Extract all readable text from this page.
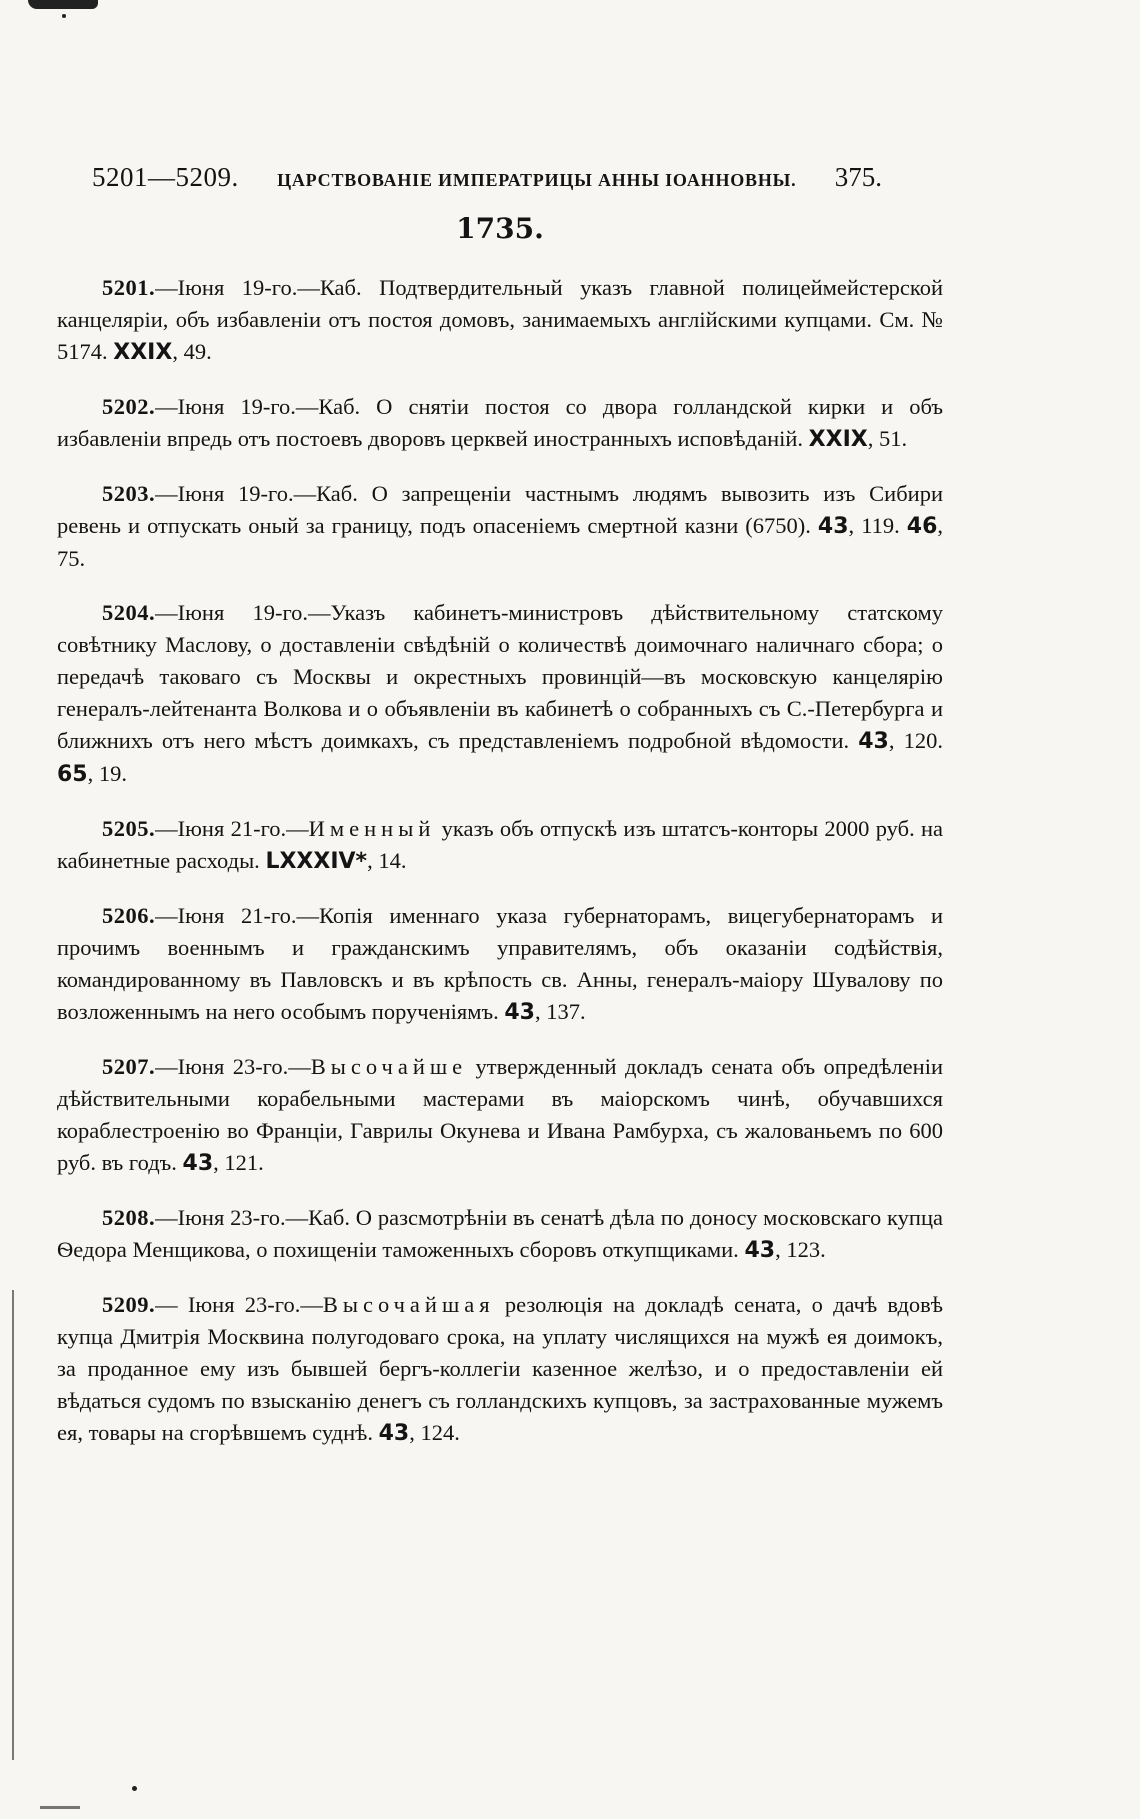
5201—5209. ЦАРСТВОВАНІЕ ИМПЕРАТРИЦЫ АННЫ ІОАННОВНЫ. 375.
1735.

5201.—Іюня 19-го.—Каб. Подтвердительный указъ главной полицеймейстерской канцеляріи, объ избавленіи отъ постоя домовъ, занимаемыхъ англійскими купцами. См. № 5174. XXIX, 49.

5202.—Іюня 19-го.—Каб. О снятіи постоя со двора голландской кирки и объ избавленіи впредь отъ постоевъ дворовъ церквей иностранныхъ исповѣданій. XXIX, 51.

5203.—Іюня 19-го.—Каб. О запрещеніи частнымъ людямъ вывозить изъ Сибири ревень и отпускать оный за границу, подъ опасеніемъ смертной казни (6750). 43, 119. 46, 75.

5204.—Іюня 19-го.—Указъ кабинетъ-министровъ дѣйствительному статскому совѣтнику Маслову, о доставленіи свѣдѣній о количествѣ доимочнаго наличнаго сбора; о передачѣ таковаго съ Москвы и окрестныхъ провинцій—въ московскую канцелярію генералъ-лейтенанта Волкова и о объявленіи въ кабинетѣ о собранныхъ съ С.-Петербурга и ближнихъ отъ него мѣстъ доимкахъ, съ представленіемъ подробной вѣдомости. 43, 120. 65, 19.

5205.—Іюня 21-го.—Именный указъ объ отпускѣ изъ штатсъ-конторы 2000 руб. на кабинетные расходы. LXXXIV*, 14.

5206.—Іюня 21-го.—Копія именнаго указа губернаторамъ, вицегубернаторамъ и прочимъ военнымъ и гражданскимъ управителямъ, объ оказаніи содѣйствія, командированному въ Павловскъ и въ крѣпость св. Анны, генералъ-маіору Шувалову по возложеннымъ на него особымъ порученіямъ. 43, 137.

5207.—Іюня 23-го.—Высочайше утвержденный докладъ сената объ опредѣленіи дѣйствительными корабельными мастерами въ маіорскомъ чинѣ, обучавшихся кораблестроенію во Франціи, Гаврилы Окунева и Ивана Рамбурха, съ жалованьемъ по 600 руб. въ годъ. 43, 121.

5208.—Іюня 23-го.—Каб. О разсмотрѣніи въ сенатѣ дѣла по доносу московскаго купца Ѳедора Менщикова, о похищеніи таможенныхъ сборовъ откупщиками. 43, 123.

5209.— Іюня 23-го.—Высочайшая резолюція на докладѣ сената, о дачѣ вдовѣ купца Дмитрія Москвина полугодоваго срока, на уплату числящихся на мужѣ ея доимокъ, за проданное ему изъ бывшей бергъ-коллегіи казенное желѣзо, и о предоставленіи ей вѣдаться судомъ по взысканію денегъ съ голландскихъ купцовъ, за застрахованные мужемъ ея, товары на сгорѣвшемъ суднѣ. 43, 124.
